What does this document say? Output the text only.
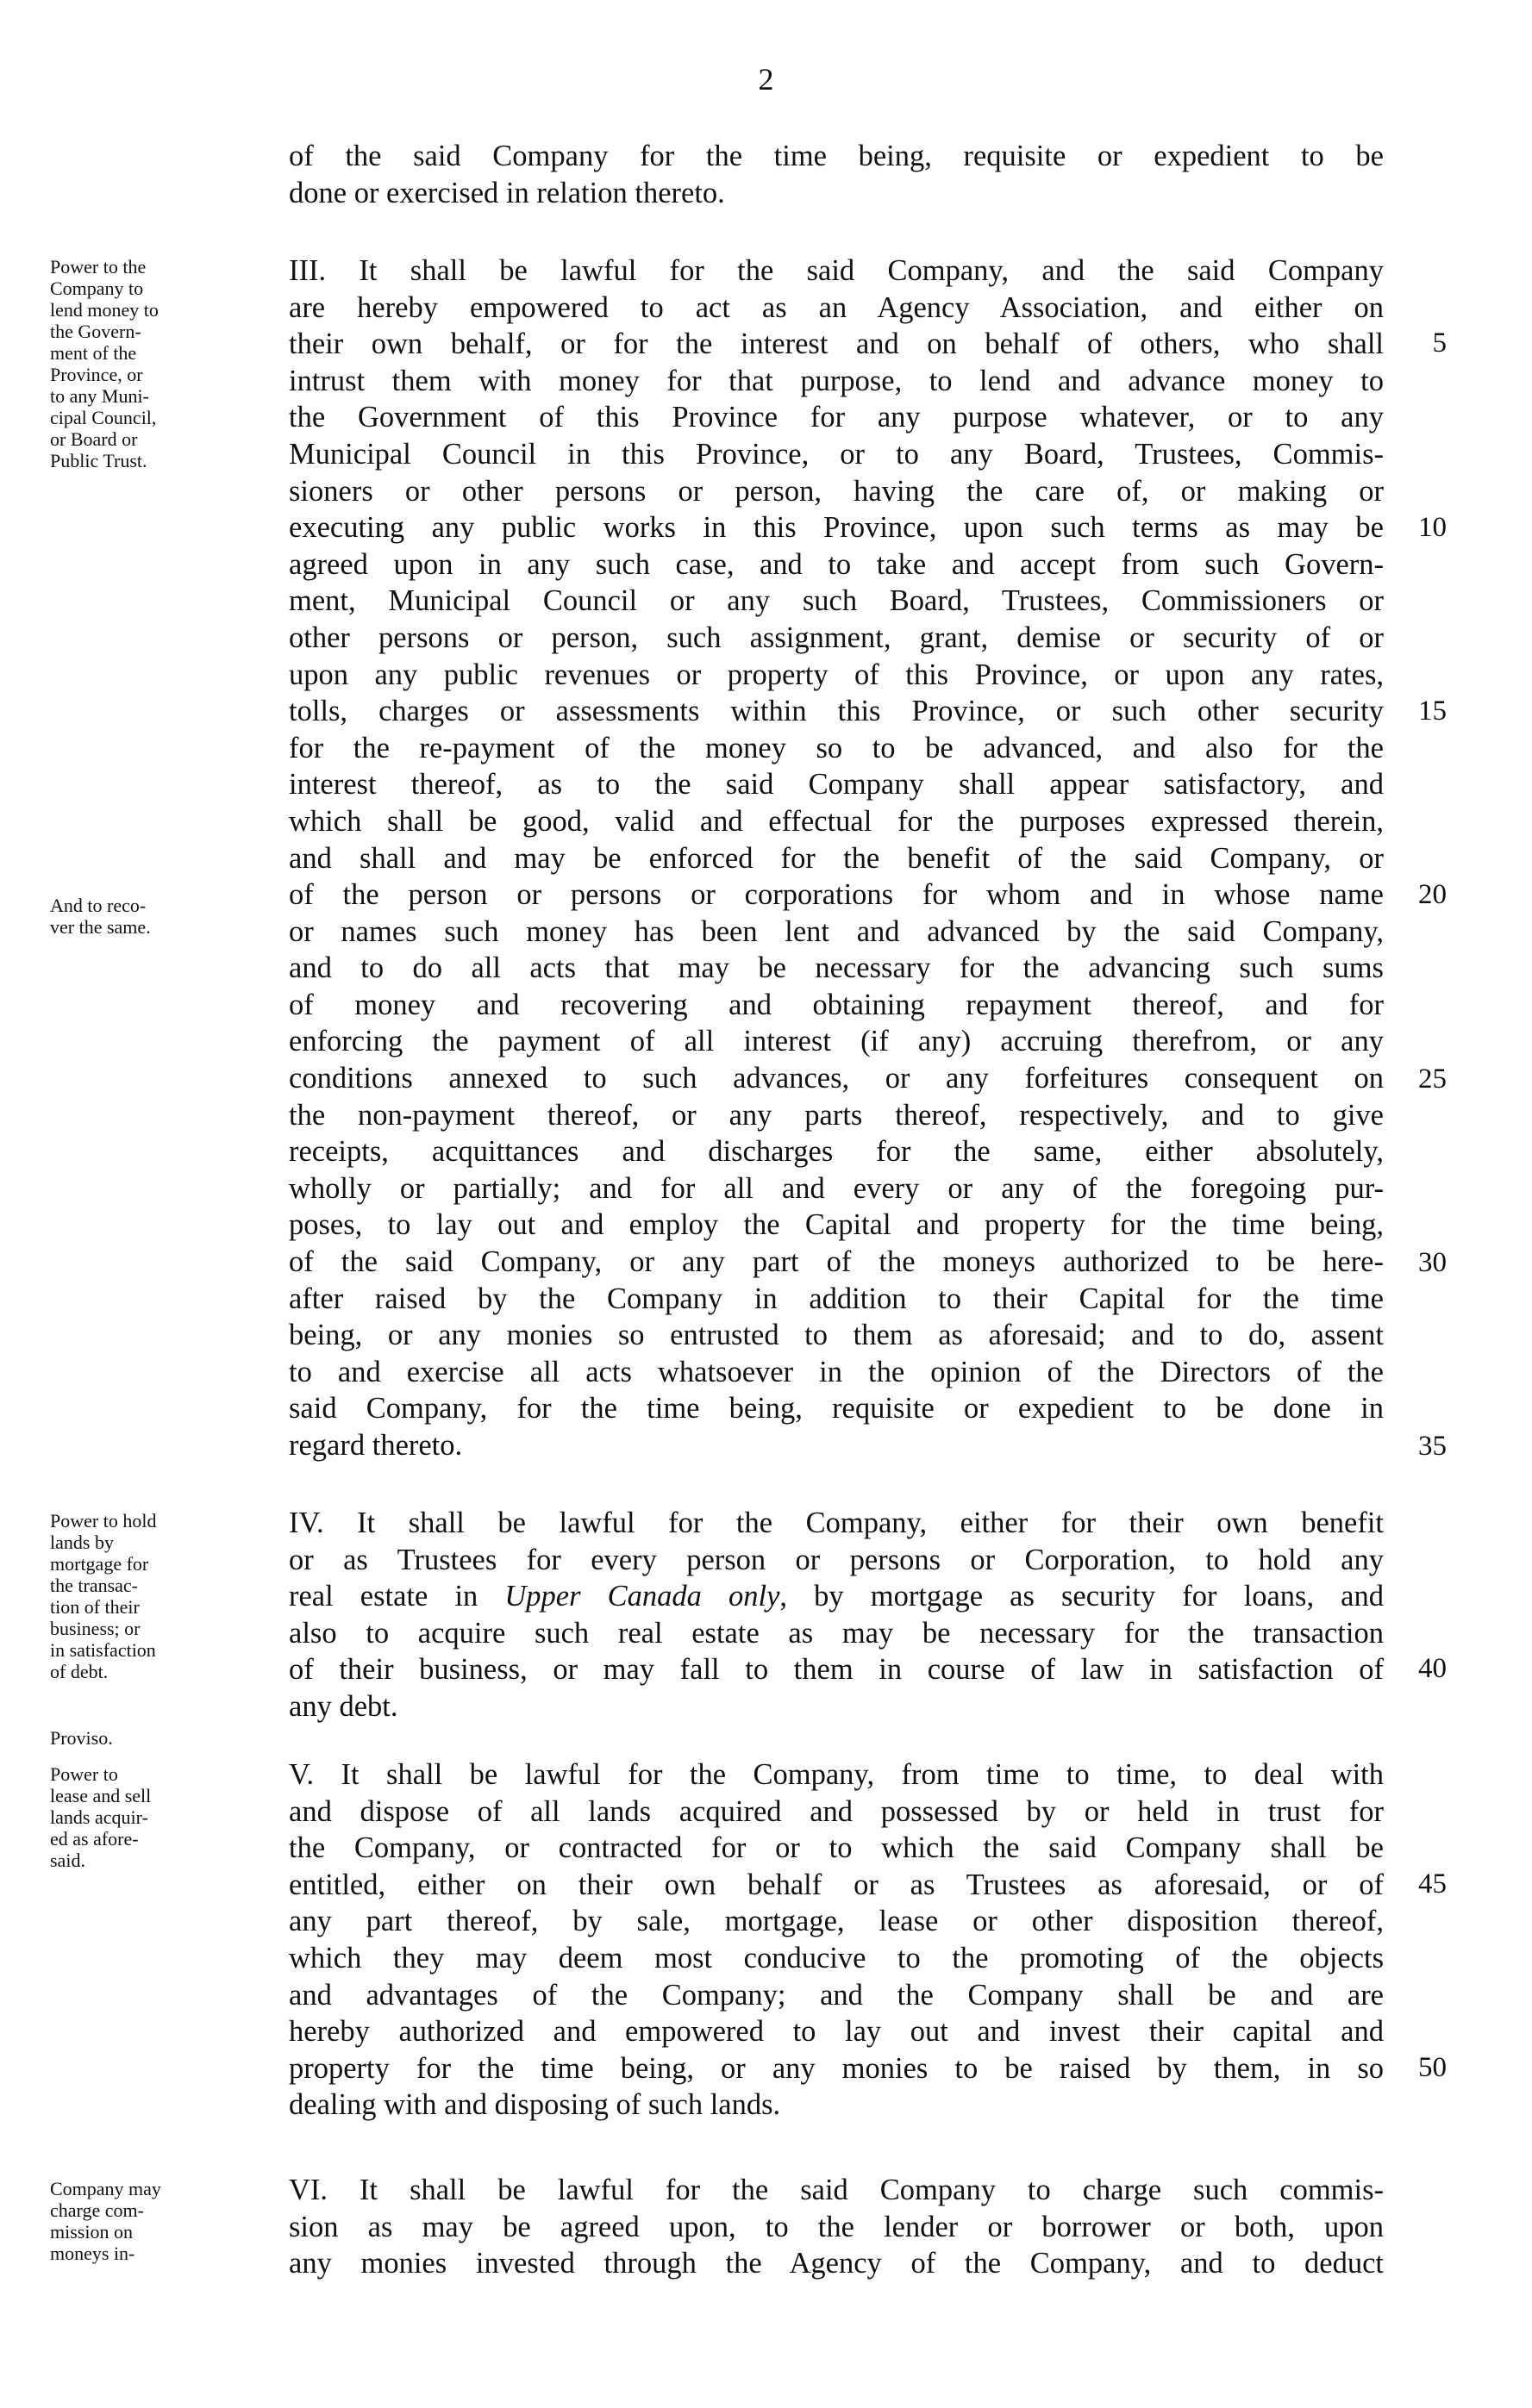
2
of the said Company for the time being, requisite or expedient to be
done or exercised in relation thereto.
III. It shall be lawful for the said Company, and the said Company
are hereby empowered to act as an Agency Association, and either on
their own behalf, or for the interest and on behalf of others, who shall
intrust them with money for that purpose, to lend and advance money to
the Government of this Province for any purpose whatever, or to any
Municipal Council in this Province, or to any Board, Trustees, Commis-
sioners or other persons or person, having the care of, or making or
executing any public works in this Province, upon such terms as may be
agreed upon in any such case, and to take and accept from such Govern-
ment, Municipal Council or any such Board, Trustees, Commissioners or
other persons or person, such assignment, grant, demise or security of or
upon any public revenues or property of this Province, or upon any rates,
tolls, charges or assessments within this Province, or such other security
for the re-payment of the money so to be advanced, and also for the
interest thereof, as to the said Company shall appear satisfactory, and
which shall be good, valid and effectual for the purposes expressed therein,
and shall and may be enforced for the benefit of the said Company, or
of the person or persons or corporations for whom and in whose name
or names such money has been lent and advanced by the said Company,
and to do all acts that may be necessary for the advancing such sums
of money and recovering and obtaining repayment thereof, and for
enforcing the payment of all interest (if any) accruing therefrom, or any
conditions annexed to such advances, or any forfeitures consequent on
the non-payment thereof, or any parts thereof, respectively, and to give
receipts, acquittances and discharges for the same, either absolutely,
wholly or partially; and for all and every or any of the foregoing pur-
poses, to lay out and employ the Capital and property for the time being,
of the said Company, or any part of the moneys authorized to be here-
after raised by the Company in addition to their Capital for the time
being, or any monies so entrusted to them as aforesaid; and to do, assent
to and exercise all acts whatsoever in the opinion of the Directors of the
said Company, for the time being, requisite or expedient to be done in
regard thereto.
IV. It shall be lawful for the Company, either for their own benefit
or as Trustees for every person or persons or Corporation, to hold any
real estate in Upper Canada only, by mortgage as security for loans, and
also to acquire such real estate as may be necessary for the transaction
of their business, or may fall to them in course of law in satisfaction of
any debt.
V. It shall be lawful for the Company, from time to time, to deal with
and dispose of all lands acquired and possessed by or held in trust for
the Company, or contracted for or to which the said Company shall be
entitled, either on their own behalf or as Trustees as aforesaid, or of
any part thereof, by sale, mortgage, lease or other disposition thereof,
which they may deem most conducive to the promoting of the objects
and advantages of the Company; and the Company shall be and are
hereby authorized and empowered to lay out and invest their capital and
property for the time being, or any monies to be raised by them, in so
dealing with and disposing of such lands.
VI. It shall be lawful for the said Company to charge such commis-
sion as may be agreed upon, to the lender or borrower or both, upon
any monies invested through the Agency of the Company, and to deduct
Power to the
Company to
lend money to
the Govern-
ment of the
Province, or
to any Muni-
cipal Council,
or Board or
Public Trust.
And to reco-
ver the same.
Power to hold
lands by
mortgage for
the transac-
tion of their
business; or
in satisfaction
of debt.
Proviso.
Power to
lease and sell
lands acquir-
ed as afore-
said.
Company may
charge com-
mission on
moneys in-
5
10
15
20
25
30
35
40
45
50
